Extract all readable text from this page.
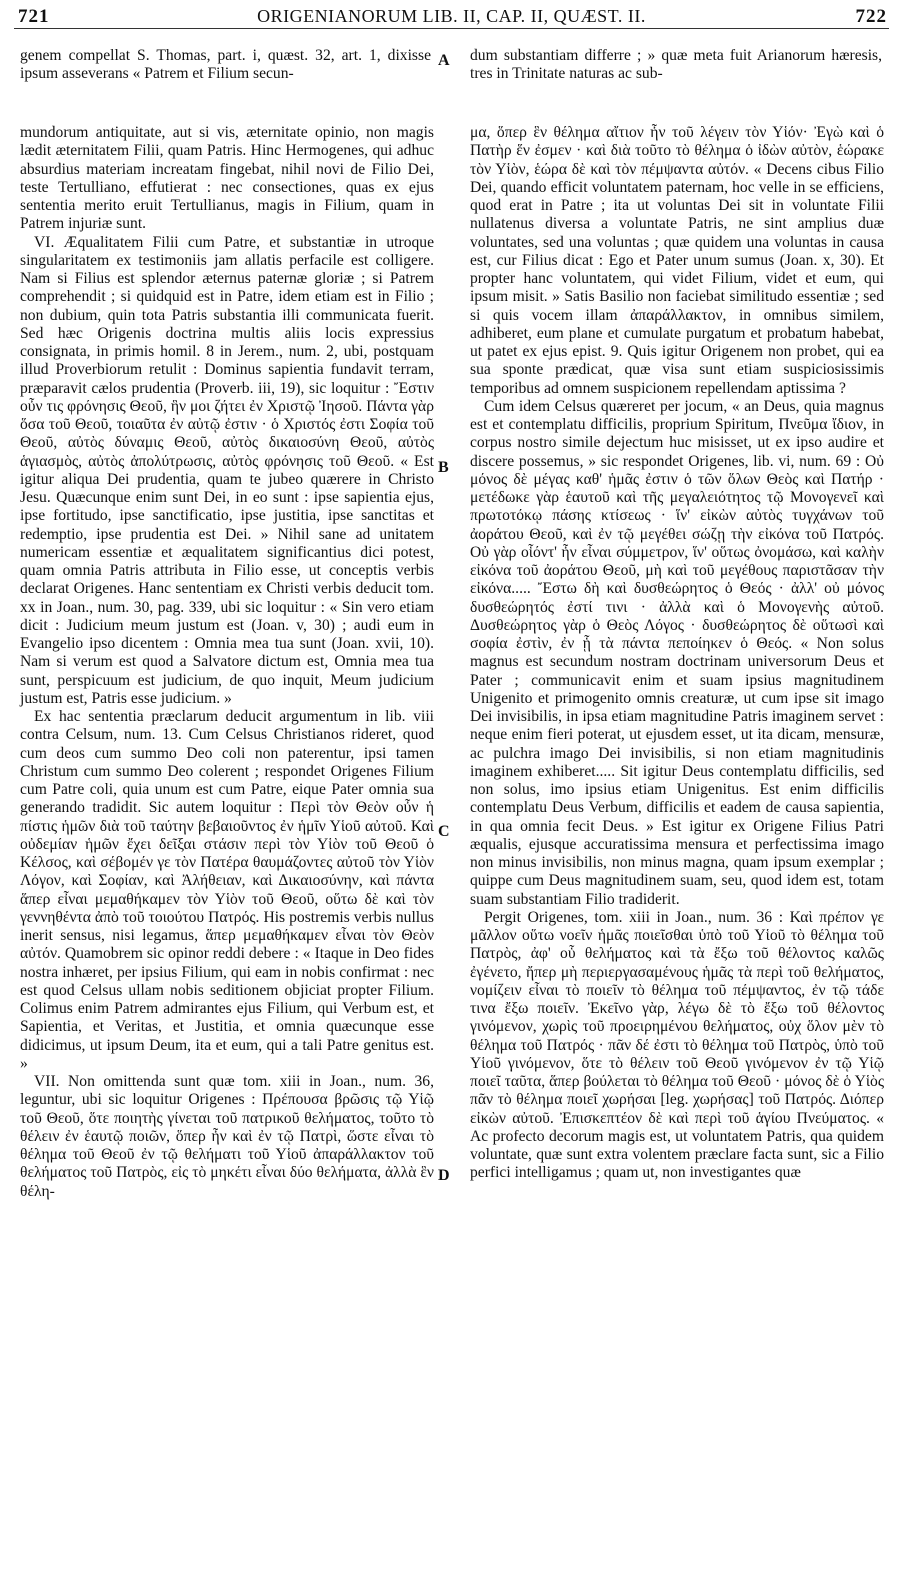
721	ORIGENIANORUM LIB. II, CAP. II, QUÆST. II.	722

genem compellat S. Thomas, part. i, quæst. 32, art. 1, dixisse ipsum asseverans « Patrem et Filium secun-

dum substantiam differre ; » quæ meta fuit Arianorum hæresis, tres in Trinitate naturas ac sub-

A
B
C
D

mundorum antiquitate, aut si vis, æternitate opinio, non magis lædit æternitatem Filii, quam Patris. Hinc Hermogenes, qui adhuc absurdius materiam increatam fingebat, nihil novi de Filio Dei, teste Tertulliano, effutierat : nec consectiones, quas ex ejus sententia merito eruit Tertullianus, magis in Filium, quam in Patrem injuriæ sunt.

VI. Æqualitatem Filii cum Patre, et substantiæ in utroque singularitatem ex testimoniis jam allatis perfacile est colligere. Nam si Filius est splendor æternus paternæ gloriæ ; si Patrem comprehendit ; si quidquid est in Patre, idem etiam est in Filio ; non dubium, quin tota Patris substantia illi communicata fuerit. Sed hæc Origenis doctrina multis aliis locis expressius consignata, in primis homil. 8 in Jerem., num. 2, ubi, postquam illud Proverbiorum retulit : Dominus sapientia fundavit terram, præparavit cælos prudentia (Proverb. iii, 19), sic loquitur : Ἔστιν οὖν τις φρόνησις Θεοῦ, ἣν μοι ζήτει ἐν Χριστῷ Ἰησοῦ. Πάντα γὰρ ὅσα τοῦ Θεοῦ, τοιαῦτα ἐν αὐτῷ ἐστιν · ὁ Χριστός ἐστι Σοφία τοῦ Θεοῦ, αὐτὸς δύναμις Θεοῦ, αὐτὸς δικαιοσύνη Θεοῦ, αὐτὸς ἁγιασμὸς, αὐτὸς ἀπολύτρωσις, αὐτὸς φρόνησις τοῦ Θεοῦ. « Est igitur aliqua Dei prudentia, quam te jubeo quærere in Christo Jesu. Quæcunque enim sunt Dei, in eo sunt : ipse sapientia ejus, ipse fortitudo, ipse sanctificatio, ipse justitia, ipse sanctitas et redemptio, ipse prudentia est Dei. » Nihil sane ad unitatem numericam essentiæ et æqualitatem significantius dici potest, quam omnia Patris attributa in Filio esse, ut conceptis verbis declarat Origenes. Hanc sententiam ex Christi verbis deducit tom. xx in Joan., num. 30, pag. 339, ubi sic loquitur : « Sin vero etiam dicit : Judicium meum justum est (Joan. v, 30) ; audi eum in Evangelio ipso dicentem : Omnia mea tua sunt (Joan. xvii, 10). Nam si verum est quod a Salvatore dictum est, Omnia mea tua sunt, perspicuum est judicium, de quo inquit, Meum judicium justum est, Patris esse judicium. »

Ex hac sententia præclarum deducit argumentum in lib. viii contra Celsum, num. 13. Cum Celsus Christianos rideret, quod cum deos cum summo Deo coli non paterentur, ipsi tamen Christum cum summo Deo colerent ; respondet Origenes Filium cum Patre coli, quia unum est cum Patre, eique Pater omnia sua generando tradidit. Sic autem loquitur : Περὶ τὸν Θεὸν οὖν ἡ πίστις ἡμῶν διὰ τοῦ ταύτην βεβαιοῦντος ἐν ἡμῖν Υἱοῦ αὐτοῦ. Καὶ οὐδεμίαν ἡμῶν ἔχει δεῖξαι στάσιν περὶ τὸν Υἱὸν τοῦ Θεοῦ ὁ Κέλσος, καὶ σέβομέν γε τὸν Πατέρα θαυμάζοντες αὐτοῦ τὸν Υἱὸν Λόγον, καὶ Σοφίαν, καὶ Ἀλήθειαν, καὶ Δικαιοσύνην, καὶ πάντα ἅπερ εἶναι μεμαθήκαμεν τὸν Υἱὸν τοῦ Θεοῦ, οὕτω δὲ καὶ τὸν γεννηθέντα ἀπὸ τοῦ τοιούτου Πατρός. His postremis verbis nullus inerit sensus, nisi legamus, ἅπερ μεμαθήκαμεν εἶναι τὸν Θεὸν αὐτόν. Quamobrem sic opinor reddi debere : « Itaque in Deo fides nostra inhæret, per ipsius Filium, qui eam in nobis confirmat : nec est quod Celsus ullam nobis seditionem objiciat propter Filium. Colimus enim Patrem admirantes ejus Filium, qui Verbum est, et Sapientia, et Veritas, et Justitia, et omnia quæcunque esse didicimus, ut ipsum Deum, ita et eum, qui a tali Patre genitus est. »

VII. Non omittenda sunt quæ tom. xiii in Joan., num. 36, leguntur, ubi sic loquitur Origenes : Πρέπουσα βρῶσις τῷ Υἱῷ τοῦ Θεοῦ, ὅτε ποιητὴς γίνεται τοῦ πατρικοῦ θελήματος, τοῦτο τὸ θέλειν ἐν ἑαυτῷ ποιῶν, ὅπερ ἦν καὶ ἐν τῷ Πατρὶ, ὥστε εἶναι τὸ θέλημα τοῦ Θεοῦ ἐν τῷ θελήματι τοῦ Υἱοῦ ἀπαράλλακτον τοῦ θελήματος τοῦ Πατρὸς, εἰς τὸ μηκέτι εἶναι δύο θελήματα, ἀλλὰ ἓν θέλη-

μα, ὅπερ ἓν θέλημα αἴτιον ἦν τοῦ λέγειν τὸν Υἱόν· Ἐγὼ καὶ ὁ Πατὴρ ἕν ἐσμεν · καὶ διὰ τοῦτο τὸ θέλημα ὁ ἰδὼν αὐτὸν, ἑώρακε τὸν Υἱὸν, ἑώρα δὲ καὶ τὸν πέμψαντα αὐτόν. « Decens cibus Filio Dei, quando efficit voluntatem paternam, hoc velle in se efficiens, quod erat in Patre ; ita ut voluntas Dei sit in voluntate Filii nullatenus diversa a voluntate Patris, ne sint amplius duæ voluntates, sed una voluntas ; quæ quidem una voluntas in causa est, cur Filius dicat : Ego et Pater unum sumus (Joan. x, 30). Et propter hanc voluntatem, qui videt Filium, videt et eum, qui ipsum misit. » Satis Basilio non faciebat similitudo essentiæ ; sed si quis vocem illam ἀπαράλλακτον, in omnibus similem, adhiberet, eum plane et cumulate purgatum et probatum habebat, ut patet ex ejus epist. 9. Quis igitur Origenem non probet, qui ea sua sponte prædicat, quæ visa sunt etiam suspiciosissimis temporibus ad omnem suspicionem repellendam aptissima ?

Cum idem Celsus quæreret per jocum, « an Deus, quia magnus est et contemplatu difficilis, proprium Spiritum, Πνεῦμα ἴδιον, in corpus nostro simile dejectum huc misisset, ut ex ipso audire et discere possemus, » sic respondet Origenes, lib. vi, num. 69 : Οὐ μόνος δὲ μέγας καθ' ἡμᾶς ἐστιν ὁ τῶν ὅλων Θεὸς καὶ Πατήρ · μετέδωκε γὰρ ἑαυτοῦ καὶ τῆς μεγαλειότητος τῷ Μονογενεῖ καὶ πρωτοτόκῳ πάσης κτίσεως · ἵν' εἰκὼν αὐτὸς τυγχάνων τοῦ ἀοράτου Θεοῦ, καὶ ἐν τῷ μεγέθει σώζῃ τὴν εἰκόνα τοῦ Πατρός. Οὐ γὰρ οἷόντ' ἦν εἶναι σύμμετρον, ἵν' οὕτως ὀνομάσω, καὶ καλὴν εἰκόνα τοῦ ἀοράτου Θεοῦ, μὴ καὶ τοῦ μεγέθους παριστᾶσαν τὴν εἰκόνα..... Ἔστω δὴ καὶ δυσθεώρητος ὁ Θεός · ἀλλ' οὐ μόνος δυσθεώρητός ἐστί τινι · ἀλλὰ καὶ ὁ Μονογενὴς αὐτοῦ. Δυσθεώρητος γὰρ ὁ Θεὸς Λόγος · δυσθεώρητος δὲ οὕτωσὶ καὶ σοφία ἐστὶν, ἐν ᾗ τὰ πάντα πεποίηκεν ὁ Θεός. « Non solus magnus est secundum nostram doctrinam universorum Deus et Pater ; communicavit enim et suam ipsius magnitudinem Unigenito et primogenito omnis creaturæ, ut cum ipse sit imago Dei invisibilis, in ipsa etiam magnitudine Patris imaginem servet : neque enim fieri poterat, ut ejusdem esset, ut ita dicam, mensuræ, ac pulchra imago Dei invisibilis, si non etiam magnitudinis imaginem exhiberet..... Sit igitur Deus contemplatu difficilis, sed non solus, imo ipsius etiam Unigenitus. Est enim difficilis contemplatu Deus Verbum, difficilis et eadem de causa sapientia, in qua omnia fecit Deus. » Est igitur ex Origene Filius Patri æqualis, ejusque accuratissima mensura et perfectissima imago non minus invisibilis, non minus magna, quam ipsum exemplar ; quippe cum Deus magnitudinem suam, seu, quod idem est, totam suam substantiam Filio tradiderit.

Pergit Origenes, tom. xiii in Joan., num. 36 : Καὶ πρέπον γε μᾶλλον οὕτω νοεῖν ἡμᾶς ποιεῖσθαι ὑπὸ τοῦ Υἱοῦ τὸ θέλημα τοῦ Πατρὸς, ἀφ' οὗ θελήματος καὶ τὰ ἔξω τοῦ θέλοντος καλῶς ἐγένετο, ἤπερ μὴ περιεργασαμένους ἡμᾶς τὰ περὶ τοῦ θελήματος, νομίζειν εἶναι τὸ ποιεῖν τὸ θέλημα τοῦ πέμψαντος, ἐν τῷ τάδε τινα ἔξω ποιεῖν. Ἐκεῖνο γὰρ, λέγω δὲ τὸ ἔξω τοῦ θέλοντος γινόμενον, χωρὶς τοῦ προειρημένου θελήματος, οὐχ ὅλον μὲν τὸ θέλημα τοῦ Πατρός · πᾶν δέ ἐστι τὸ θέλημα τοῦ Πατρὸς, ὑπὸ τοῦ Υἱοῦ γινόμενον, ὅτε τὸ θέλειν τοῦ Θεοῦ γινόμενον ἐν τῷ Υἱῷ ποιεῖ ταῦτα, ἅπερ βούλεται τὸ θέλημα τοῦ Θεοῦ · μόνος δὲ ὁ Υἱὸς πᾶν τὸ θέλημα ποιεῖ χωρήσαι [leg. χωρήσας] τοῦ Πατρός. Διόπερ εἰκὼν αὐτοῦ. Ἐπισκεπτέον δὲ καὶ περὶ τοῦ ἁγίου Πνεύματος. « Ac profecto decorum magis est, ut voluntatem Patris, qua quidem voluntate, quæ sunt extra volentem præclare facta sunt, sic a Filio perfici intelligamus ; quam ut, non investigantes quæ
